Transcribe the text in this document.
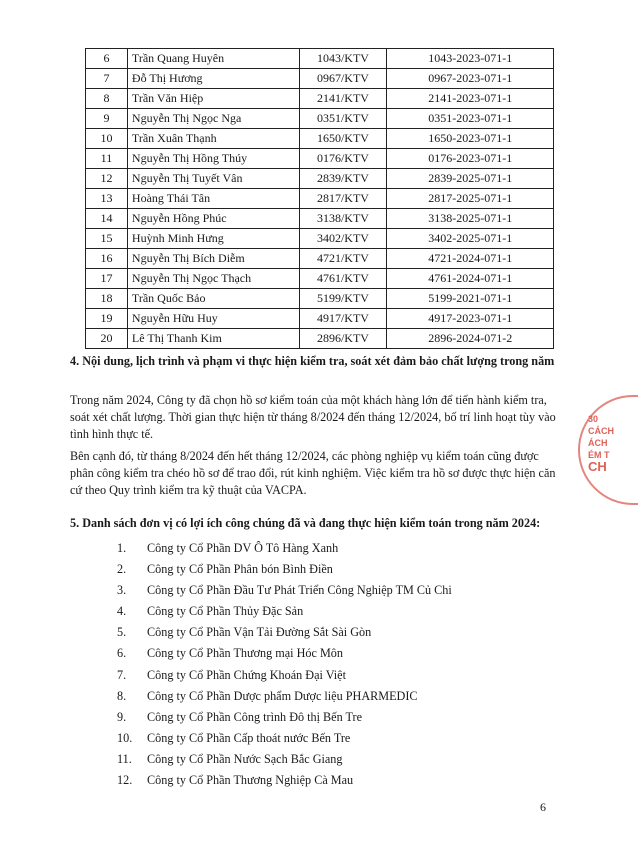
6	Trần Quang Huyên	1043/KTV	1043-2023-071-1
7	Đỗ Thị Hương	0967/KTV	0967-2023-071-1
8	Trần Văn Hiệp	2141/KTV	2141-2023-071-1
9	Nguyễn Thị Ngọc Nga	0351/KTV	0351-2023-071-1
10	Trần Xuân Thạnh	1650/KTV	1650-2023-071-1
11	Nguyễn Thị Hồng Thúy	0176/KTV	0176-2023-071-1
12	Nguyễn Thị Tuyết Vân	2839/KTV	2839-2025-071-1
13	Hoàng Thái Tân	2817/KTV	2817-2025-071-1
14	Nguyễn Hồng Phúc	3138/KTV	3138-2025-071-1
15	Huỳnh Minh Hưng	3402/KTV	3402-2025-071-1
16	Nguyễn Thị Bích Diễm	4721/KTV	4721-2024-071-1
17	Nguyễn Thị Ngọc Thạch	4761/KTV	4761-2024-071-1
18	Trần Quốc Bảo	5199/KTV	5199-2021-071-1
19	Nguyễn Hữu Huy	4917/KTV	4917-2023-071-1
20	Lê Thị Thanh Kim	2896/KTV	2896-2024-071-2
4. Nội dung, lịch trình và phạm vi thực hiện kiểm tra, soát xét đảm bảo chất lượng trong năm
Trong năm 2024, Công ty đã chọn hồ sơ kiểm toán của một khách hàng lớn để tiến hành kiểm tra, soát xét chất lượng. Thời gian thực hiện từ tháng 8/2024 đến tháng 12/2024, bố trí linh hoạt tùy vào tình hình thực tế.
Bên cạnh đó, từ tháng 8/2024 đến hết tháng 12/2024, các phòng nghiệp vụ kiểm toán cũng được phân công kiểm tra chéo hồ sơ để trao đổi, rút kinh nghiệm. Việc kiểm tra hồ sơ được thực hiện căn cứ theo Quy trình kiểm tra kỹ thuật của VACPA.
5. Danh sách đơn vị có lợi ích công chúng đã và đang thực hiện kiểm toán trong năm 2024:
1. Công ty Cổ Phần DV Ô Tô Hàng Xanh
2. Công ty Cổ Phần Phân bón Bình Điền
3. Công ty Cổ Phần Đầu Tư Phát Triển Công Nghiệp TM Củ Chi
4. Công ty Cổ Phần Thủy Đặc Sản
5. Công ty Cổ Phần Vận Tải Đường Sắt Sài Gòn
6. Công ty Cổ Phần Thương mại Hóc Môn
7. Công ty Cổ Phần Chứng Khoán Đại Việt
8. Công ty Cổ Phần Dược phẩm Dược liệu PHARMEDIC
9. Công ty Cổ Phần Công trình Đô thị Bến Tre
10. Công ty Cổ Phần Cấp thoát nước Bến Tre
11. Công ty Cổ Phần Nước Sạch Bắc Giang
12. Công ty Cổ Phần Thương Nghiệp Cà Mau
6
30
CÁCH
ÁCH
ÉM T
CH
